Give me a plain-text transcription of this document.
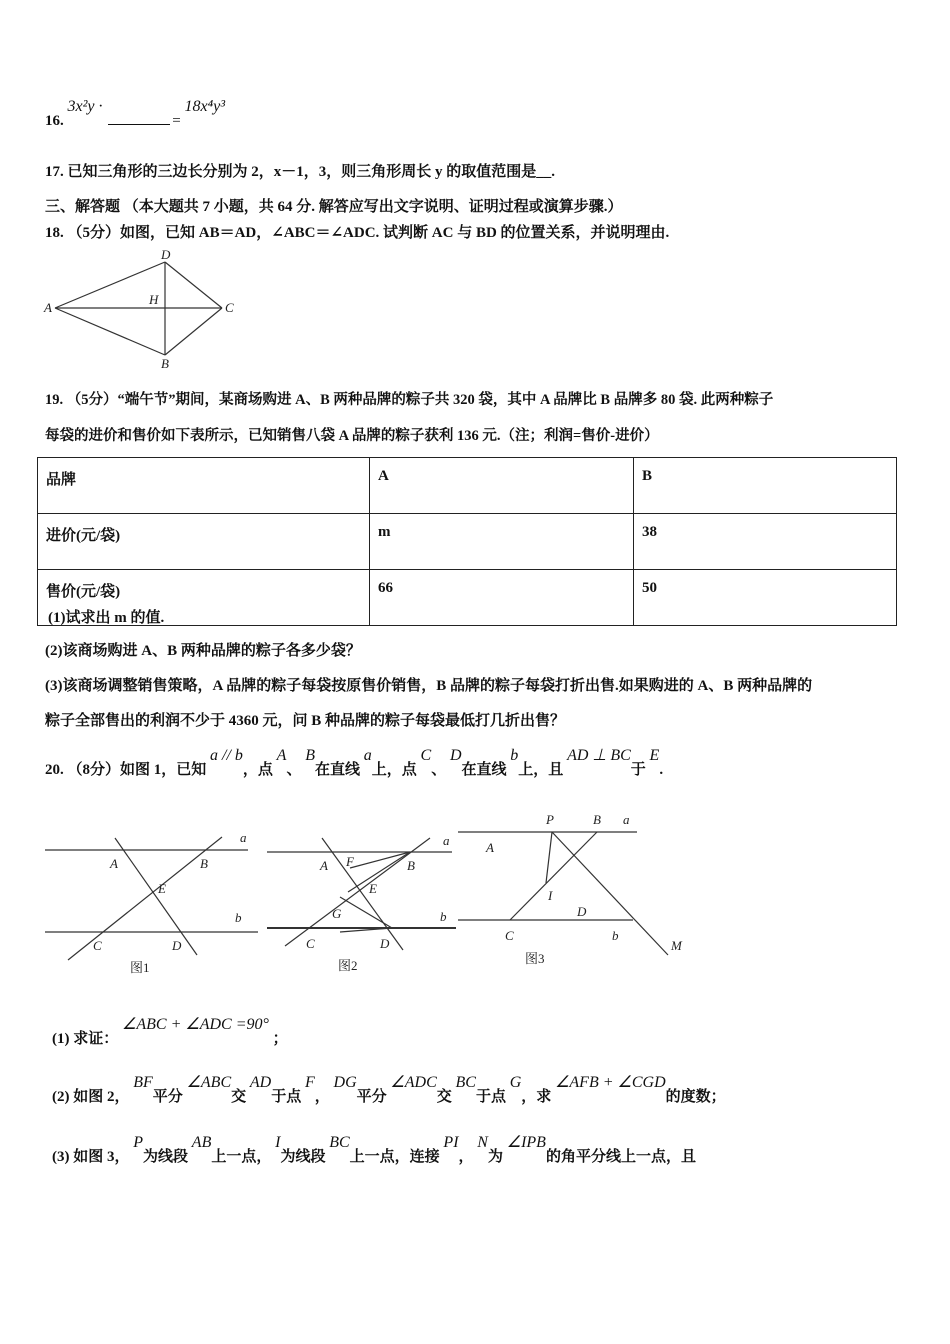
16. 3x²y · = 18x⁴y³
17. 已知三角形的三边长分别为 2，x－1，3，则三角形周长 y 的取值范围是__.
三、解答题 （本大题共 7 小题，共 64 分. 解答应写出文字说明、证明过程或演算步骤.）
18. （5分）如图，已知 AB＝AD，∠ABC＝∠ADC. 试判断 AC 与 BD 的位置关系，并说明理由.
D
A
H
C
B
19. （5分）“端午节”期间，某商场购进 A、B 两种品牌的粽子共 320 袋，其中 A 品牌比 B 品牌多 80 袋. 此两种粽子
每袋的进价和售价如下表所示，已知销售八袋 A 品牌的粽子获利 136 元.（注；利润=售价-进价）
品牌	A	B
进价(元/袋)	m	38
售价(元/袋)	66	50
(1)试求出 m 的值.
(2)该商场购进 A、B 两种品牌的粽子各多少袋？
(3)该商场调整销售策略，A 品牌的粽子每袋按原售价销售，B 品牌的粽子每袋打折出售.如果购进的 A、B 两种品牌的
粽子全部售出的利润不少于 4360 元，问 B 种品牌的粽子每袋最低打几折出售？
20. （8分）如图 1，已知 a // b，点 A、 B在直线 a上，点 C、 D在直线 b上，且 AD ⊥ BC于 E.
a
A	B
E
b
C	D
图1
a
A F	B
E
G	b
C	D
图2
P	B a
A
I
D
C	b
M
图3
(1) 求证： ∠ABC + ∠ADC =90° ；
(2) 如图 2， BF平分 ∠ABC交 AD于点 F， DG平分 ∠ADC交 BC于点 G，求 ∠AFB + ∠CGD的度数；
(3) 如图 3， P为线段 AB上一点， I为线段 BC上一点，连接 PI， N为 ∠IPB的角平分线上一点，且
